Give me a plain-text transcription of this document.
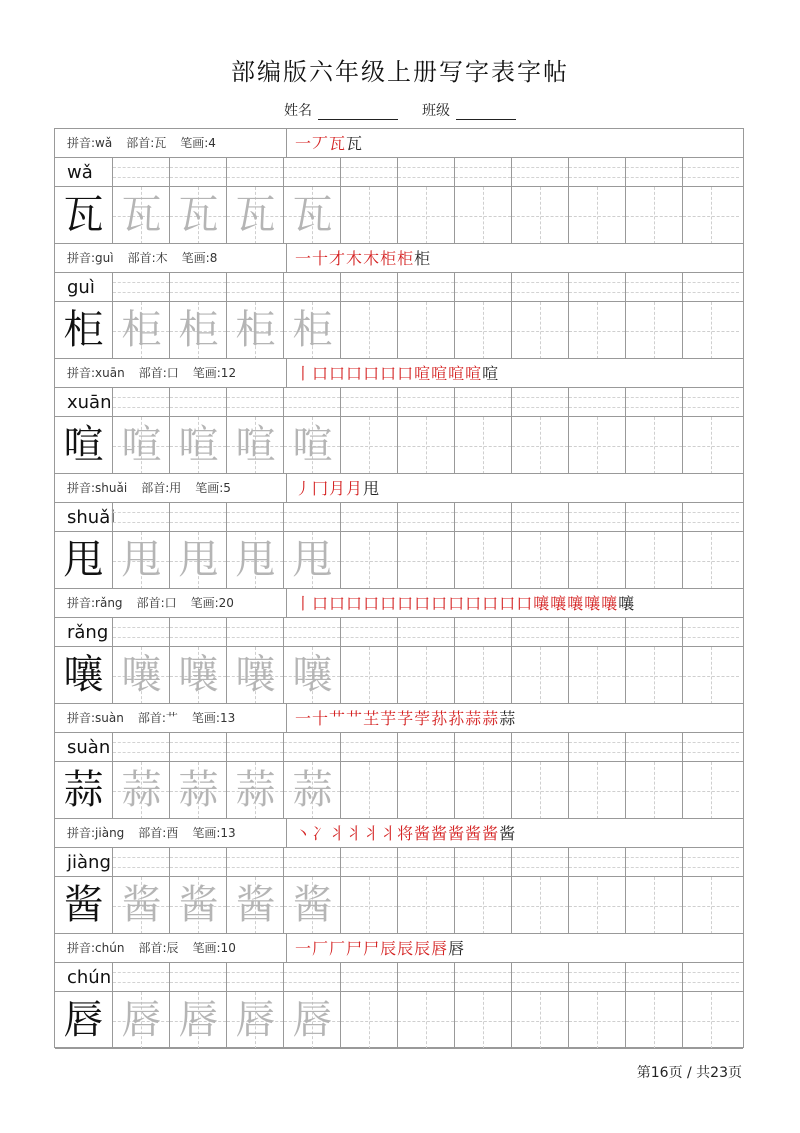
部编版六年级上册写字表字帖
姓名	班级
拼音:wǎ 部首:瓦 笔画:4	一丆瓦瓦
wǎ
瓦 瓦 瓦 瓦 瓦
拼音:guì 部首:木 笔画:8	一十才木木柜柜柜
guì
柜 柜 柜 柜 柜
拼音:xuān 部首:口 笔画:12	丨口口口口口口喧喧喧喧喧
xuān
喧 喧 喧 喧 喧
拼音:shuǎi 部首:用 笔画:5	丿冂月月甩
shuǎi
甩 甩 甩 甩 甩
拼音:rǎng 部首:口 笔画:20	丨口口口口口口口口口口口口口嚷嚷嚷嚷嚷嚷
rǎng
嚷 嚷 嚷 嚷 嚷
拼音:suàn 部首:艹 笔画:13	一十艹艹芏芋芓荢荪荪蒜蒜蒜
suàn
蒜 蒜 蒜 蒜 蒜
拼音:jiàng 部首:酉 笔画:13	丶冫丬丬丬丬将酱酱酱酱酱酱
jiàng
酱 酱 酱 酱 酱
拼音:chún 部首:辰 笔画:10	一厂厂尸尸辰辰辰唇唇
chún
唇 唇 唇 唇 唇
第16页 / 共23页
